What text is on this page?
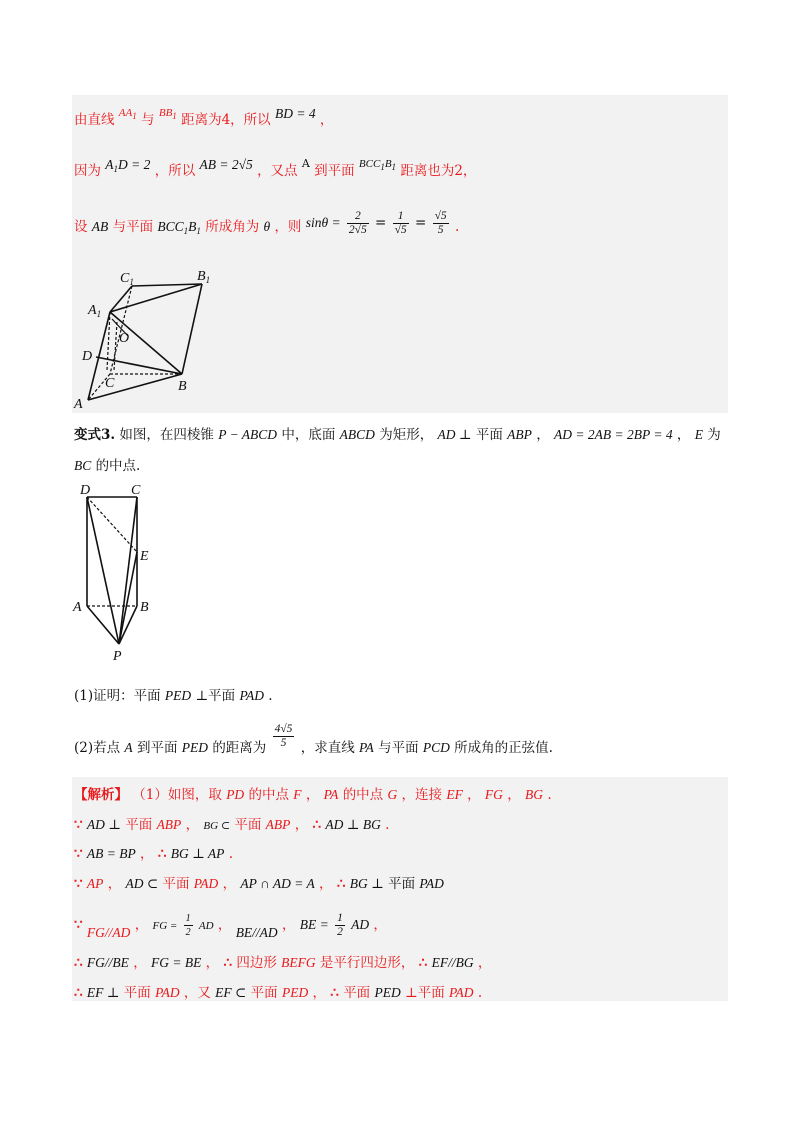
由直线 $^{AA_1}$ 与 $^{BB_1}$ 距离为4，所以 BD = 4 ，
因为 $A_1D = 2$ ，所以 AB = 2√5 ，又点 $^A$ 到平面 $^{BCC_1B_1}$ 距离也为2，
设 AB 与平面 $BCC_1B_1$ 所成角为 θ ，则 $\sin\theta = \frac{2}{2√5} = \frac{1}{√5} = \frac{√5}{5}$ .
$C_1$	$B_1$
$A_1$
O
D
C	B
A
变式3. 如图，在四棱锥 P − ABCD 中，底面 ABCD 为矩形， AD ⊥ 平面 ABP ， AD = 2AB = 2BP = 4 ， E 为
BC 的中点.
D	C
E
A	B
P
(1)证明：平面 PED ⊥平面 PAD .
(2)若点 A 到平面 PED 的距离为 $\frac{4√5}{5}$ ，求直线 PA 与平面 PCD 所成角的正弦值.
【解析】 （1）如图，取 PD 的中点 F ， PA 的中点 G ，连接 EF ， FG ， BG .
∵ AD ⊥ 平面 ABP ， BG ⊂ 平面 ABP ， ∴ AD ⊥ BG .
∵ AB = BP ， ∴ BG ⊥ AP .
∵ AP ， AD ⊂ 平面 PAD ， AP ∩ AD = A ， ∴ BG ⊥ 平面 PAD
∵ FG//AD ， FG = $\frac{1}{2}$ AD ， BE//AD ， BE = $\frac{1}{2}$ AD ，
∴ FG//BE ， FG = BE ， ∴ 四边形 BEFG 是平行四边形， ∴ EF//BG ，
∴ EF ⊥ 平面 PAD ，又 EF ⊂ 平面 PED ， ∴ 平面 PED ⊥平面 PAD .
